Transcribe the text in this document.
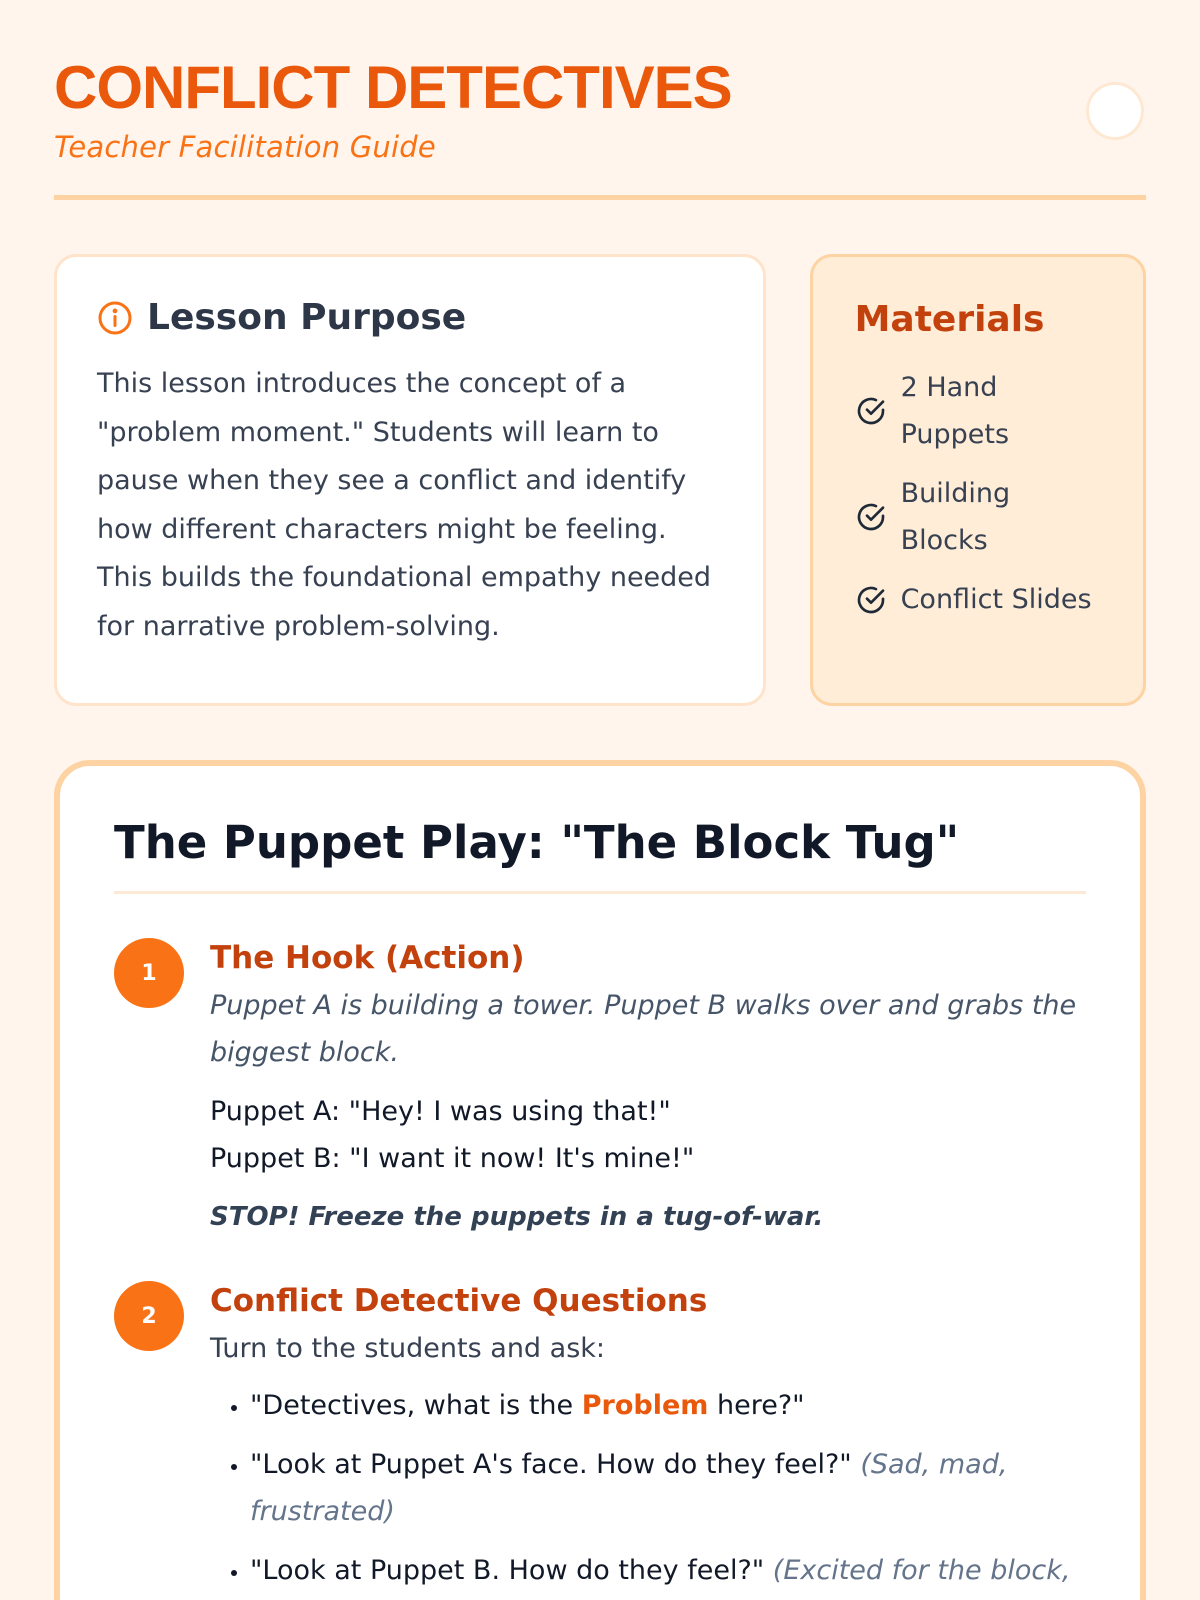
CONFLICT DETECTIVES
Teacher Facilitation Guide
Lesson Purpose

This lesson introduces the concept of a "problem moment." Students will learn to pause when they see a conflict and identify how different characters might be feeling. This builds the foundational empathy needed for narrative problem-solving.

Materials
2 Hand Puppets
Building Blocks
Conflict Slides
The Puppet Play: "The Block Tug"
1	The Hook (Action)

Puppet A is building a tower. Puppet B walks over and grabs the biggest block.

Puppet A: "Hey! I was using that!"
Puppet B: "I want it now! It's mine!"

STOP! Freeze the puppets in a tug-of-war.

2	Conflict Detective Questions

Turn to the students and ask:

• "Detectives, what is the Problem here?"
• "Look at Puppet A's face. How do they feel?" (Sad, mad, frustrated)
• "Look at Puppet B. How do they feel?" (Excited for the block,
